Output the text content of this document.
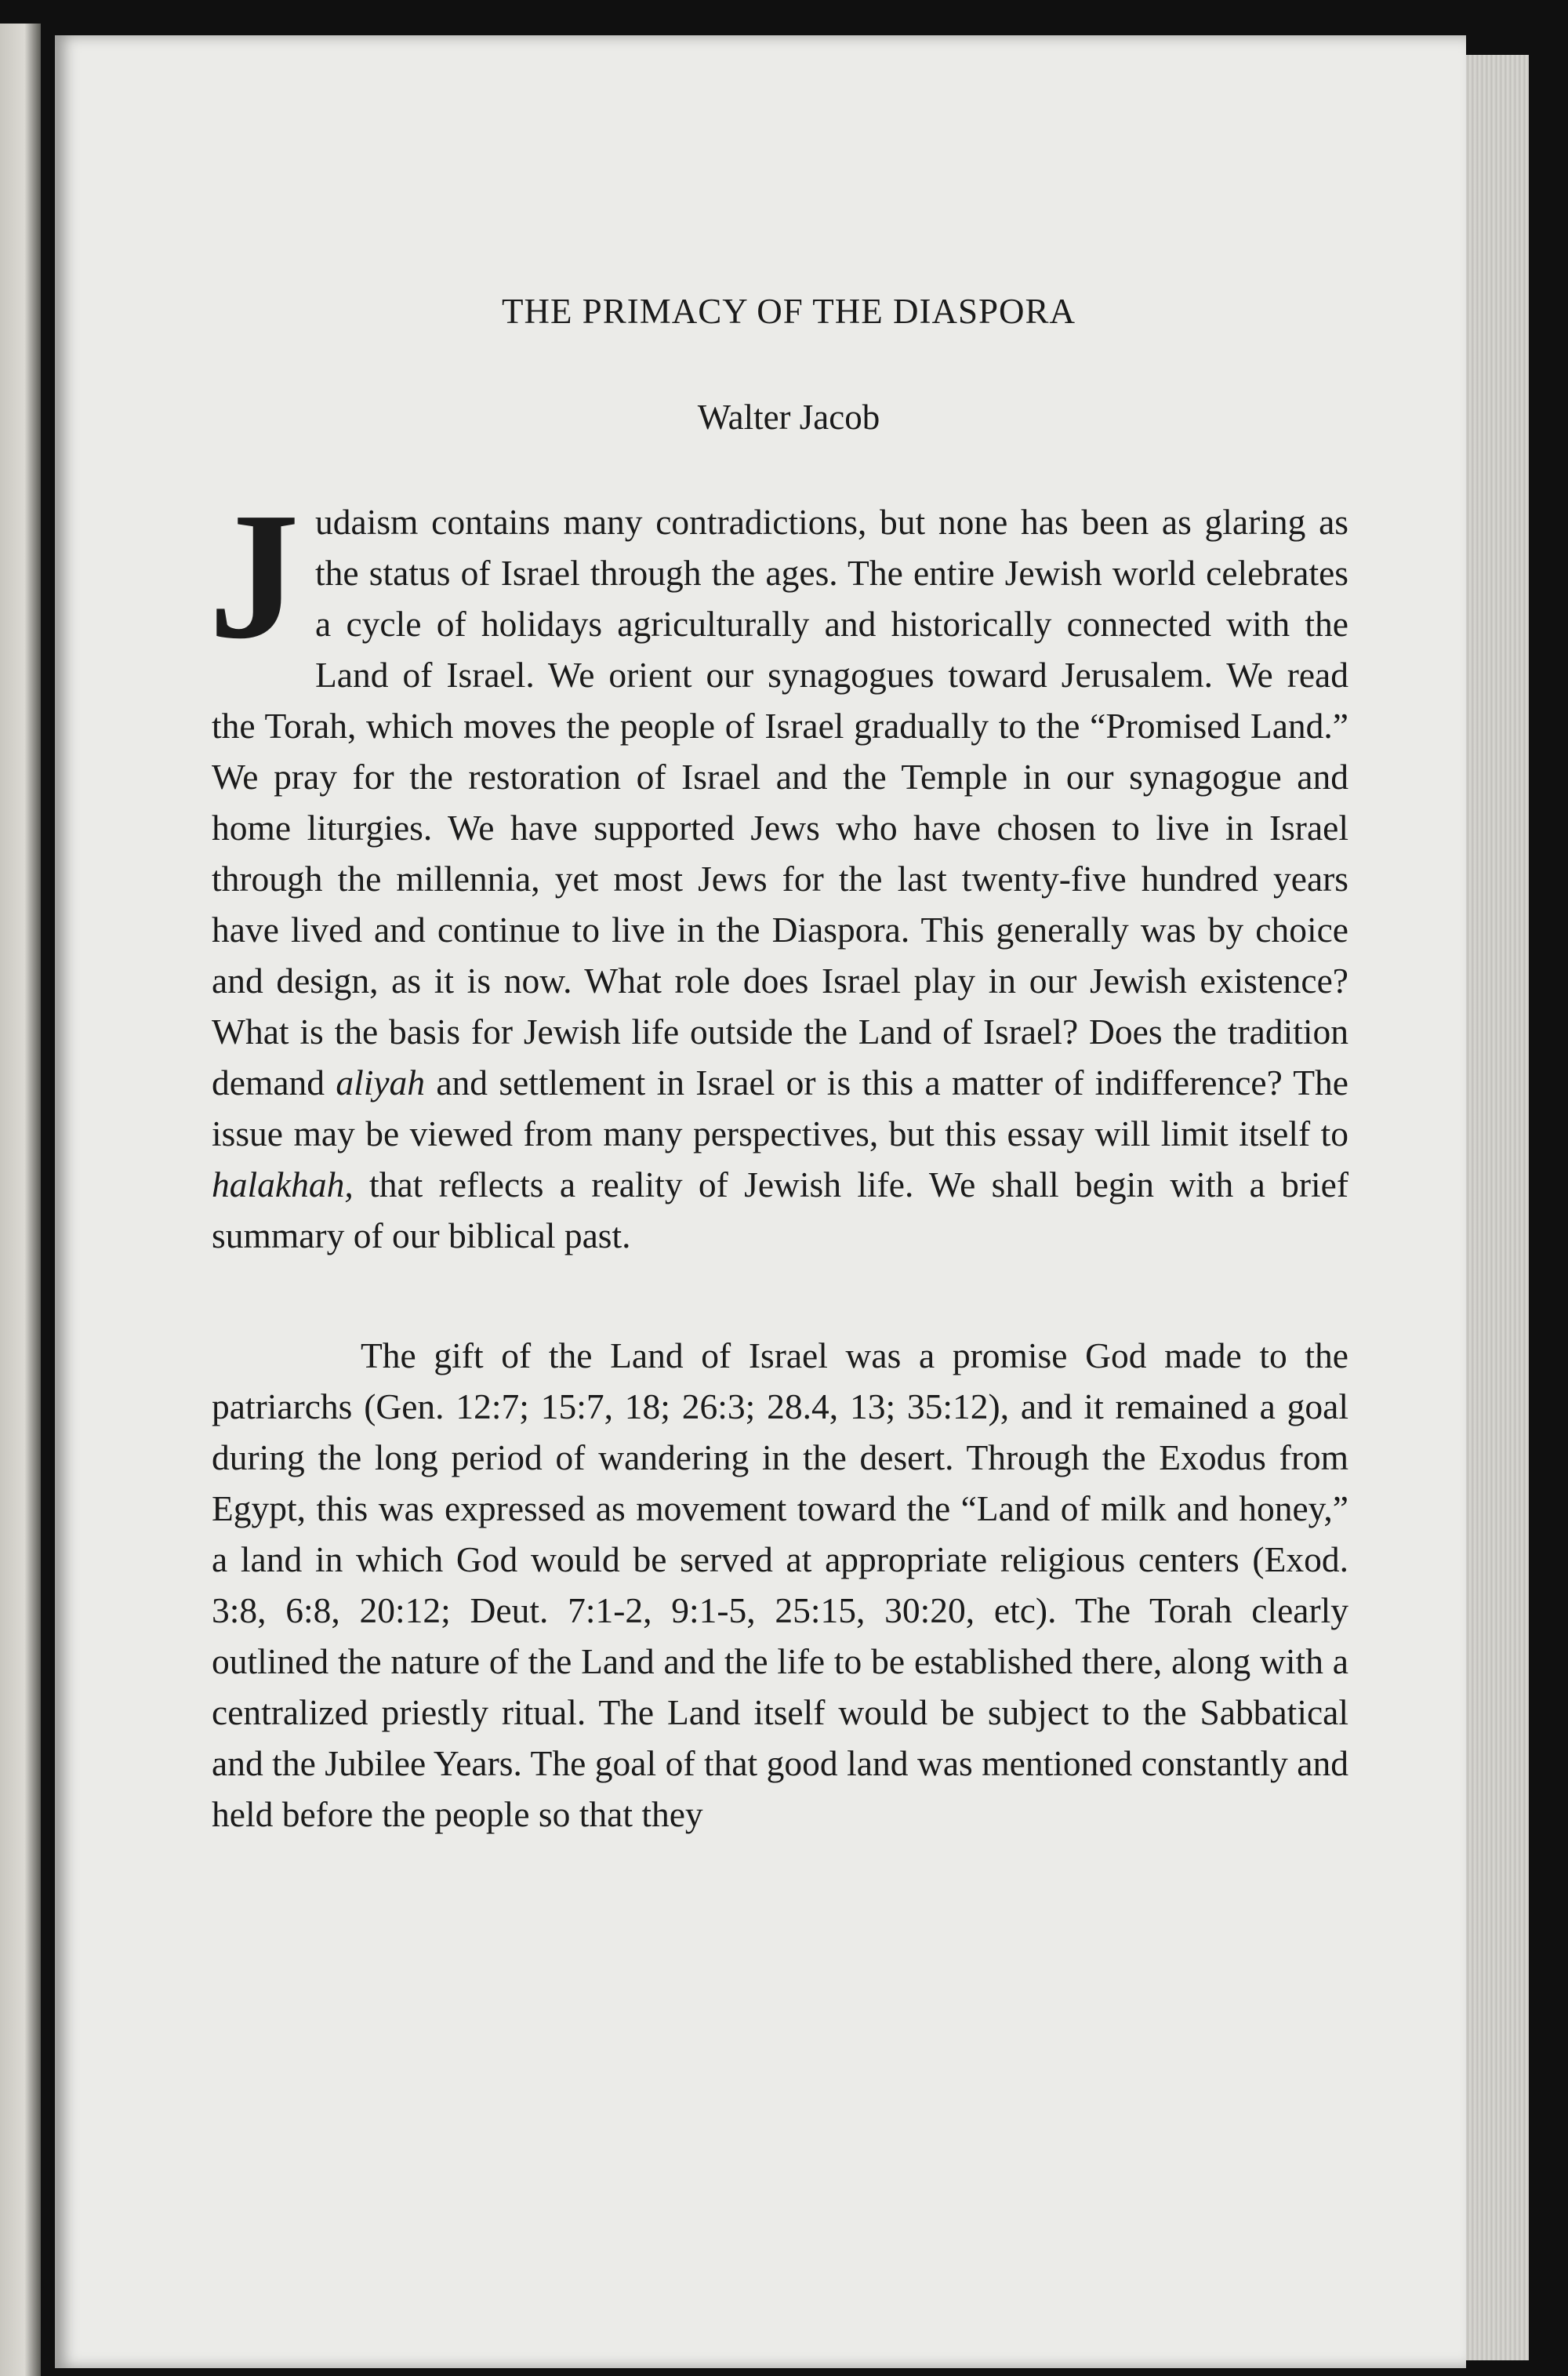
THE PRIMACY OF THE DIASPORA
Walter Jacob

Judaism contains many contradictions, but none has been as glaring as the status of Israel through the ages. The entire Jewish world celebrates a cycle of holidays agriculturally and historically connected with the Land of Israel. We orient our synagogues toward Jerusalem. We read the Torah, which moves the people of Israel gradually to the “Promised Land.” We pray for the restoration of Israel and the Temple in our synagogue and home liturgies. We have supported Jews who have chosen to live in Israel through the millennia, yet most Jews for the last twenty-five hundred years have lived and continue to live in the Diaspora. This generally was by choice and design, as it is now. What role does Israel play in our Jewish existence? What is the basis for Jewish life outside the Land of Israel? Does the tradition demand aliyah and settlement in Israel or is this a matter of indifference? The issue may be viewed from many perspectives, but this essay will limit itself to halakhah, that reflects a reality of Jewish life. We shall begin with a brief summary of our biblical past.

The gift of the Land of Israel was a promise God made to the patriarchs (Gen. 12:7; 15:7, 18; 26:3; 28.4, 13; 35:12), and it remained a goal during the long period of wandering in the desert. Through the Exodus from Egypt, this was expressed as movement toward the “Land of milk and honey,” a land in which God would be served at appropriate religious centers (Exod. 3:8, 6:8, 20:12; Deut. 7:1-2, 9:1-5, 25:15, 30:20, etc). The Torah clearly outlined the nature of the Land and the life to be established there, along with a centralized priestly ritual. The Land itself would be subject to the Sabbatical and the Jubilee Years. The goal of that good land was mentioned constantly and held before the people so that they
